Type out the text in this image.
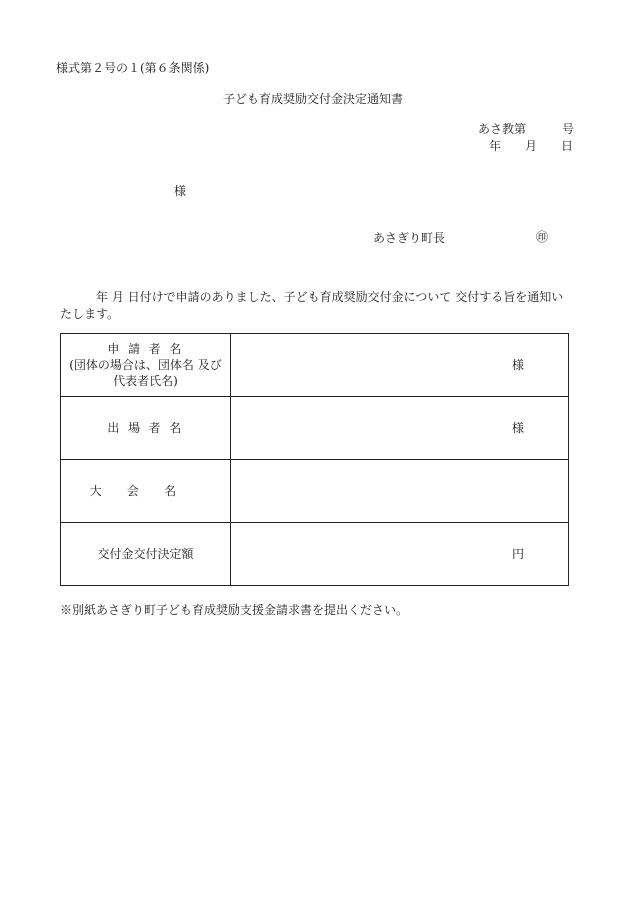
様式第２号の１(第６条関係)
子ども育成奨励交付金決定通知書
あさ教第　　　号
年　　月　　日
様
あさぎり町長	㊞
年 月 日付けで申請のありました、子ども育成奨励交付金について 交付する旨を通知いたします。
申 請 者 名
(団体の場合は、団体名 及び
代表者氏名)	様

出 場 者 名	様

大会名	

交付金交付決定額	円
※別紙あさぎり町子ども育成奨励支援金請求書を提出ください。
